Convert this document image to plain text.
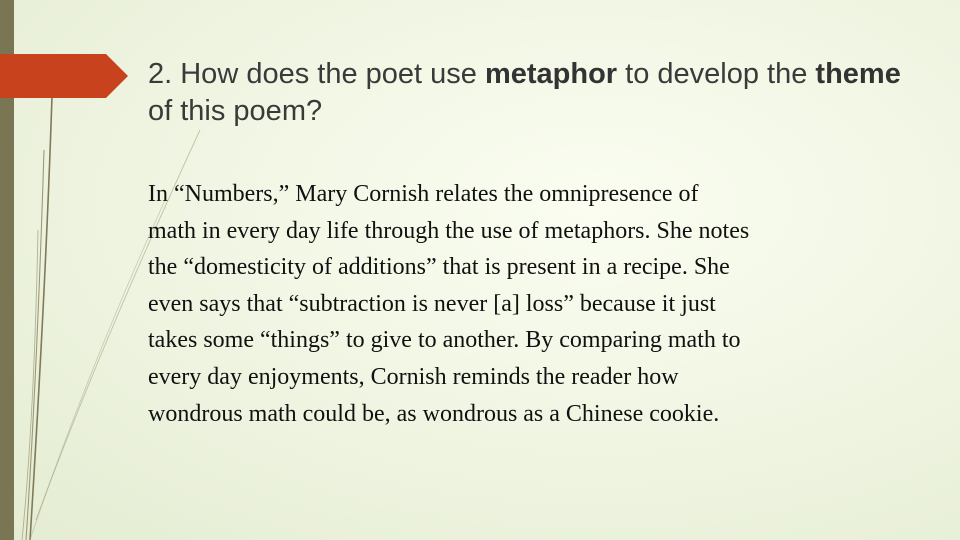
2. How does the poet use metaphor to develop the theme of this poem?
In “Numbers,” Mary Cornish relates the omnipresence of
math in every day life through the use of metaphors. She notes
the “domesticity of additions” that is present in a recipe. She
even says that “subtraction is never [a] loss” because it just
takes some “things” to give to another. By comparing math to
every day enjoyments, Cornish reminds the reader how
wondrous math could be, as wondrous as a Chinese cookie.
